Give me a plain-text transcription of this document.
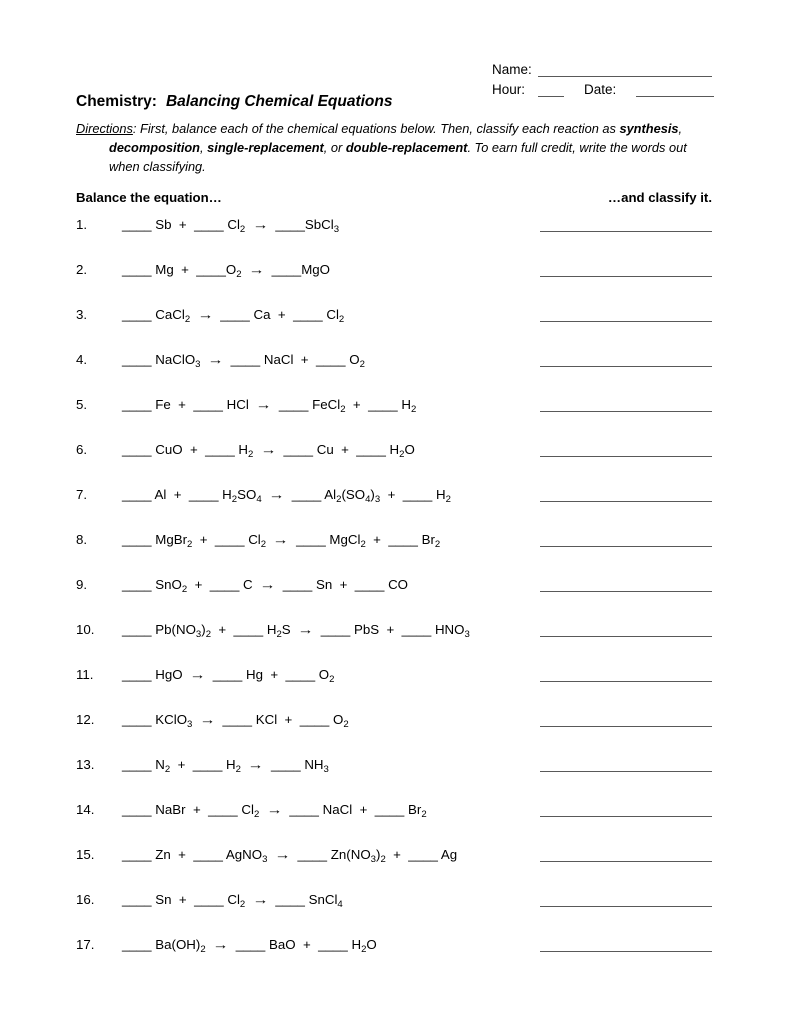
Name:
Hour:	Date:
Chemistry: Balancing Chemical Equations
Directions: First, balance each of the chemical equations below. Then, classify each reaction as synthesis,
decomposition, single-replacement, or double-replacement. To earn full credit, write the words out
when classifying.
Balance the equation…	…and classify it.
1.	____ Sb  +  ____ $Cl_2$ →  ____SbCl$_3$
2.	____ $Mg + \_\_\_\_O_2$ →  ____MgO
3.	____ CaCl$_2$ →  ____ Ca  +  ____ $Cl_2$
4.	____ NaClO$_3$ →  ____ NaCl  +  ____ $O_2$
5.	____ Fe  +  ____ HCl  →  ____ FeCl$_2$  +  ____ $H_2$
6.	____ CuO  +  ____ $H_2$ →  ____ Cu  +  ____ $H_2O$
7.	____ Al  +  ____ $H_2SO_4$ →  ____ $Al_2(SO_4)_3$  +  ____ $H_2$
8.	____ MgBr$_2$  +  ____ $Cl_2$ →  ____ MgCl$_2$  +  ____ $Br_2$
9.	____ SnO$_2$  +  ____ C  →  ____ Sn  +  ____ CO
10.	____ $Pb(NO_3)_2$  +  ____ $H_2S$  →  ____ PbS  +  ____ $HNO_3$
11.	____ HgO  →  ____ Hg  +  ____ $O_2$
12.	____ KClO$_3$ →  ____ KCl  +  ____ $O_2$
13.	____ $N_2$  +  ____ $H_2$ →  ____ $NH_3$
14.	____ NaBr  +  ____ $Cl_2$ →  ____ NaCl  +  ____ $Br_2$
15.	____ Zn  +  ____ AgNO$_3$ →  ____ $Zn(NO_3)_2$  +  ____ Ag
16.	____ Sn  +  ____ $Cl_2$ →  ____ SnCl$_4$
17.	____ $Ba(OH)_2$ →  ____ BaO  +  ____ $H_2O$
